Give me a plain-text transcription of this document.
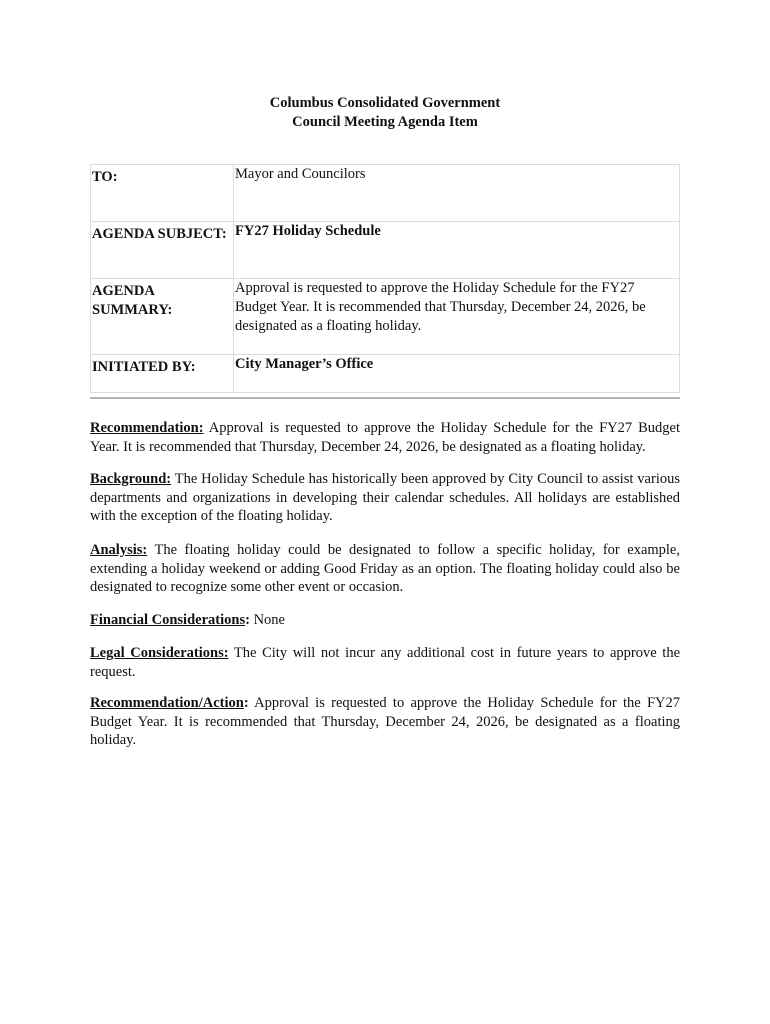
Columbus Consolidated Government
Council Meeting Agenda Item
TO:	Mayor and Councilors
AGENDA SUBJECT:	FY27 Holiday Schedule
AGENDA SUMMARY:	Approval is requested to approve the Holiday Schedule for the FY27 Budget Year. It is recommended that Thursday, December 24, 2026, be designated as a floating holiday.
INITIATED BY:	City Manager’s Office
Recommendation: Approval is requested to approve the Holiday Schedule for the FY27 Budget Year. It is recommended that Thursday, December 24, 2026, be designated as a floating holiday.
Background: The Holiday Schedule has historically been approved by City Council to assist various departments and organizations in developing their calendar schedules. All holidays are established with the exception of the floating holiday.
Analysis: The floating holiday could be designated to follow a specific holiday, for example, extending a holiday weekend or adding Good Friday as an option. The floating holiday could also be designated to recognize some other event or occasion.
Financial Considerations: None
Legal Considerations: The City will not incur any additional cost in future years to approve the request.
Recommendation/Action: Approval is requested to approve the Holiday Schedule for the FY27 Budget Year. It is recommended that Thursday, December 24, 2026, be designated as a floating holiday.
